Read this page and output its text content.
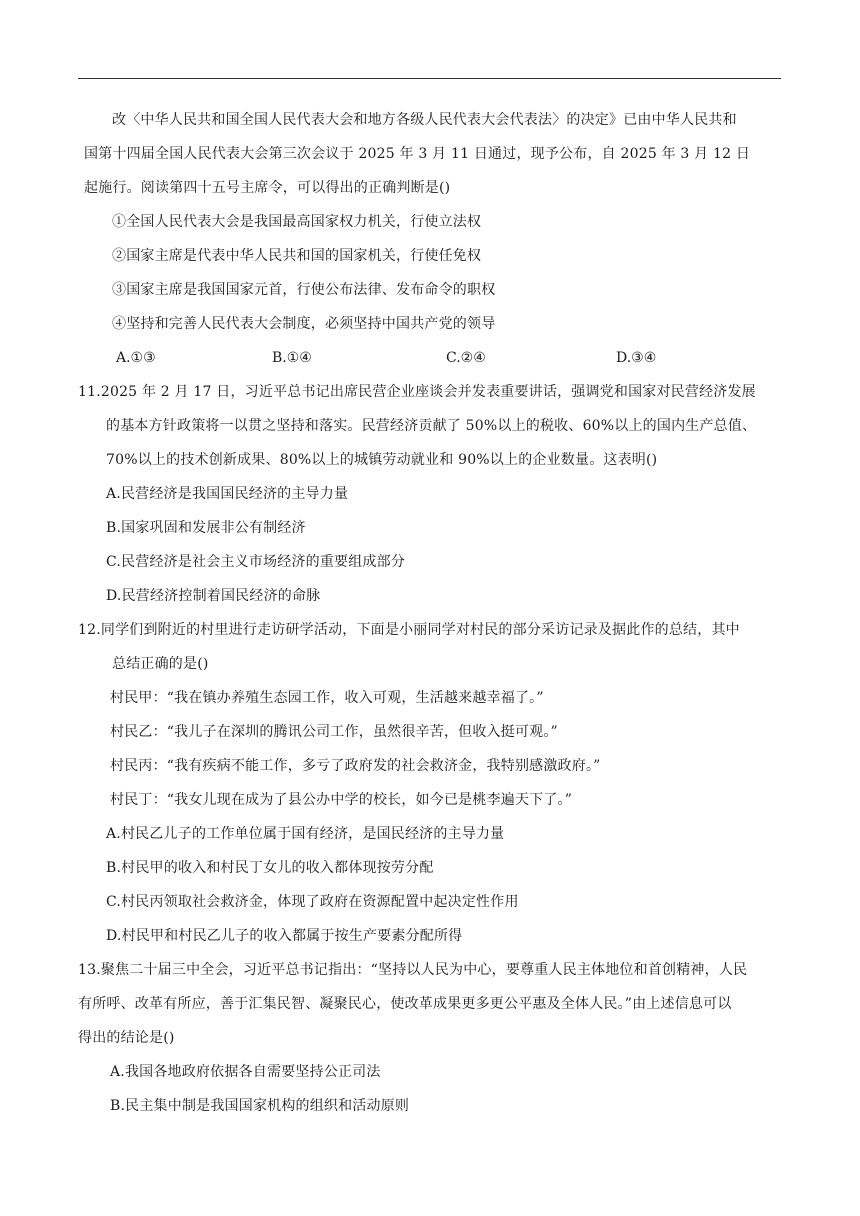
改〈中华人民共和国全国人民代表大会和地方各级人民代表大会代表法〉的决定》已由中华人民共和
国第十四届全国人民代表大会第三次会议于 2025 年 3 月 11 日通过，现予公布，自 2025 年 3 月 12 日
起施行。阅读第四十五号主席令，可以得出的正确判断是()
①全国人民代表大会是我国最高国家权力机关，行使立法权
②国家主席是代表中华人民共和国的国家机关，行使任免权
③国家主席是我国国家元首，行使公布法律、发布命令的职权
④坚持和完善人民代表大会制度，必须坚持中国共产党的领导
A.①③	B.①④	C.②④	D.③④
11.2025 年 2 月 17 日，习近平总书记出席民营企业座谈会并发表重要讲话，强调党和国家对民营经济发展
的基本方针政策将一以贯之坚持和落实。民营经济贡献了 50%以上的税收、60%以上的国内生产总值、
70%以上的技术创新成果、80%以上的城镇劳动就业和 90%以上的企业数量。这表明()
A.民营经济是我国国民经济的主导力量
B.国家巩固和发展非公有制经济
C.民营经济是社会主义市场经济的重要组成部分
D.民营经济控制着国民经济的命脉
12.同学们到附近的村里进行走访研学活动，下面是小丽同学对村民的部分采访记录及据此作的总结，其中
总结正确的是()
村民甲：“我在镇办养殖生态园工作，收入可观，生活越来越幸福了。”
村民乙：“我儿子在深圳的腾讯公司工作，虽然很辛苦，但收入挺可观。”
村民丙：“我有疾病不能工作，多亏了政府发的社会救济金，我特别感激政府。”
村民丁：“我女儿现在成为了县公办中学的校长，如今已是桃李遍天下了。”
A.村民乙儿子的工作单位属于国有经济，是国民经济的主导力量
B.村民甲的收入和村民丁女儿的收入都体现按劳分配
C.村民丙领取社会救济金，体现了政府在资源配置中起决定性作用
D.村民甲和村民乙儿子的收入都属于按生产要素分配所得
13.聚焦二十届三中全会，习近平总书记指出：“坚持以人民为中心，要尊重人民主体地位和首创精神，人民
有所呼、改革有所应，善于汇集民智、凝聚民心，使改革成果更多更公平惠及全体人民。”由上述信息可以
得出的结论是()
A.我国各地政府依据各自需要坚持公正司法
B.民主集中制是我国国家机构的组织和活动原则
